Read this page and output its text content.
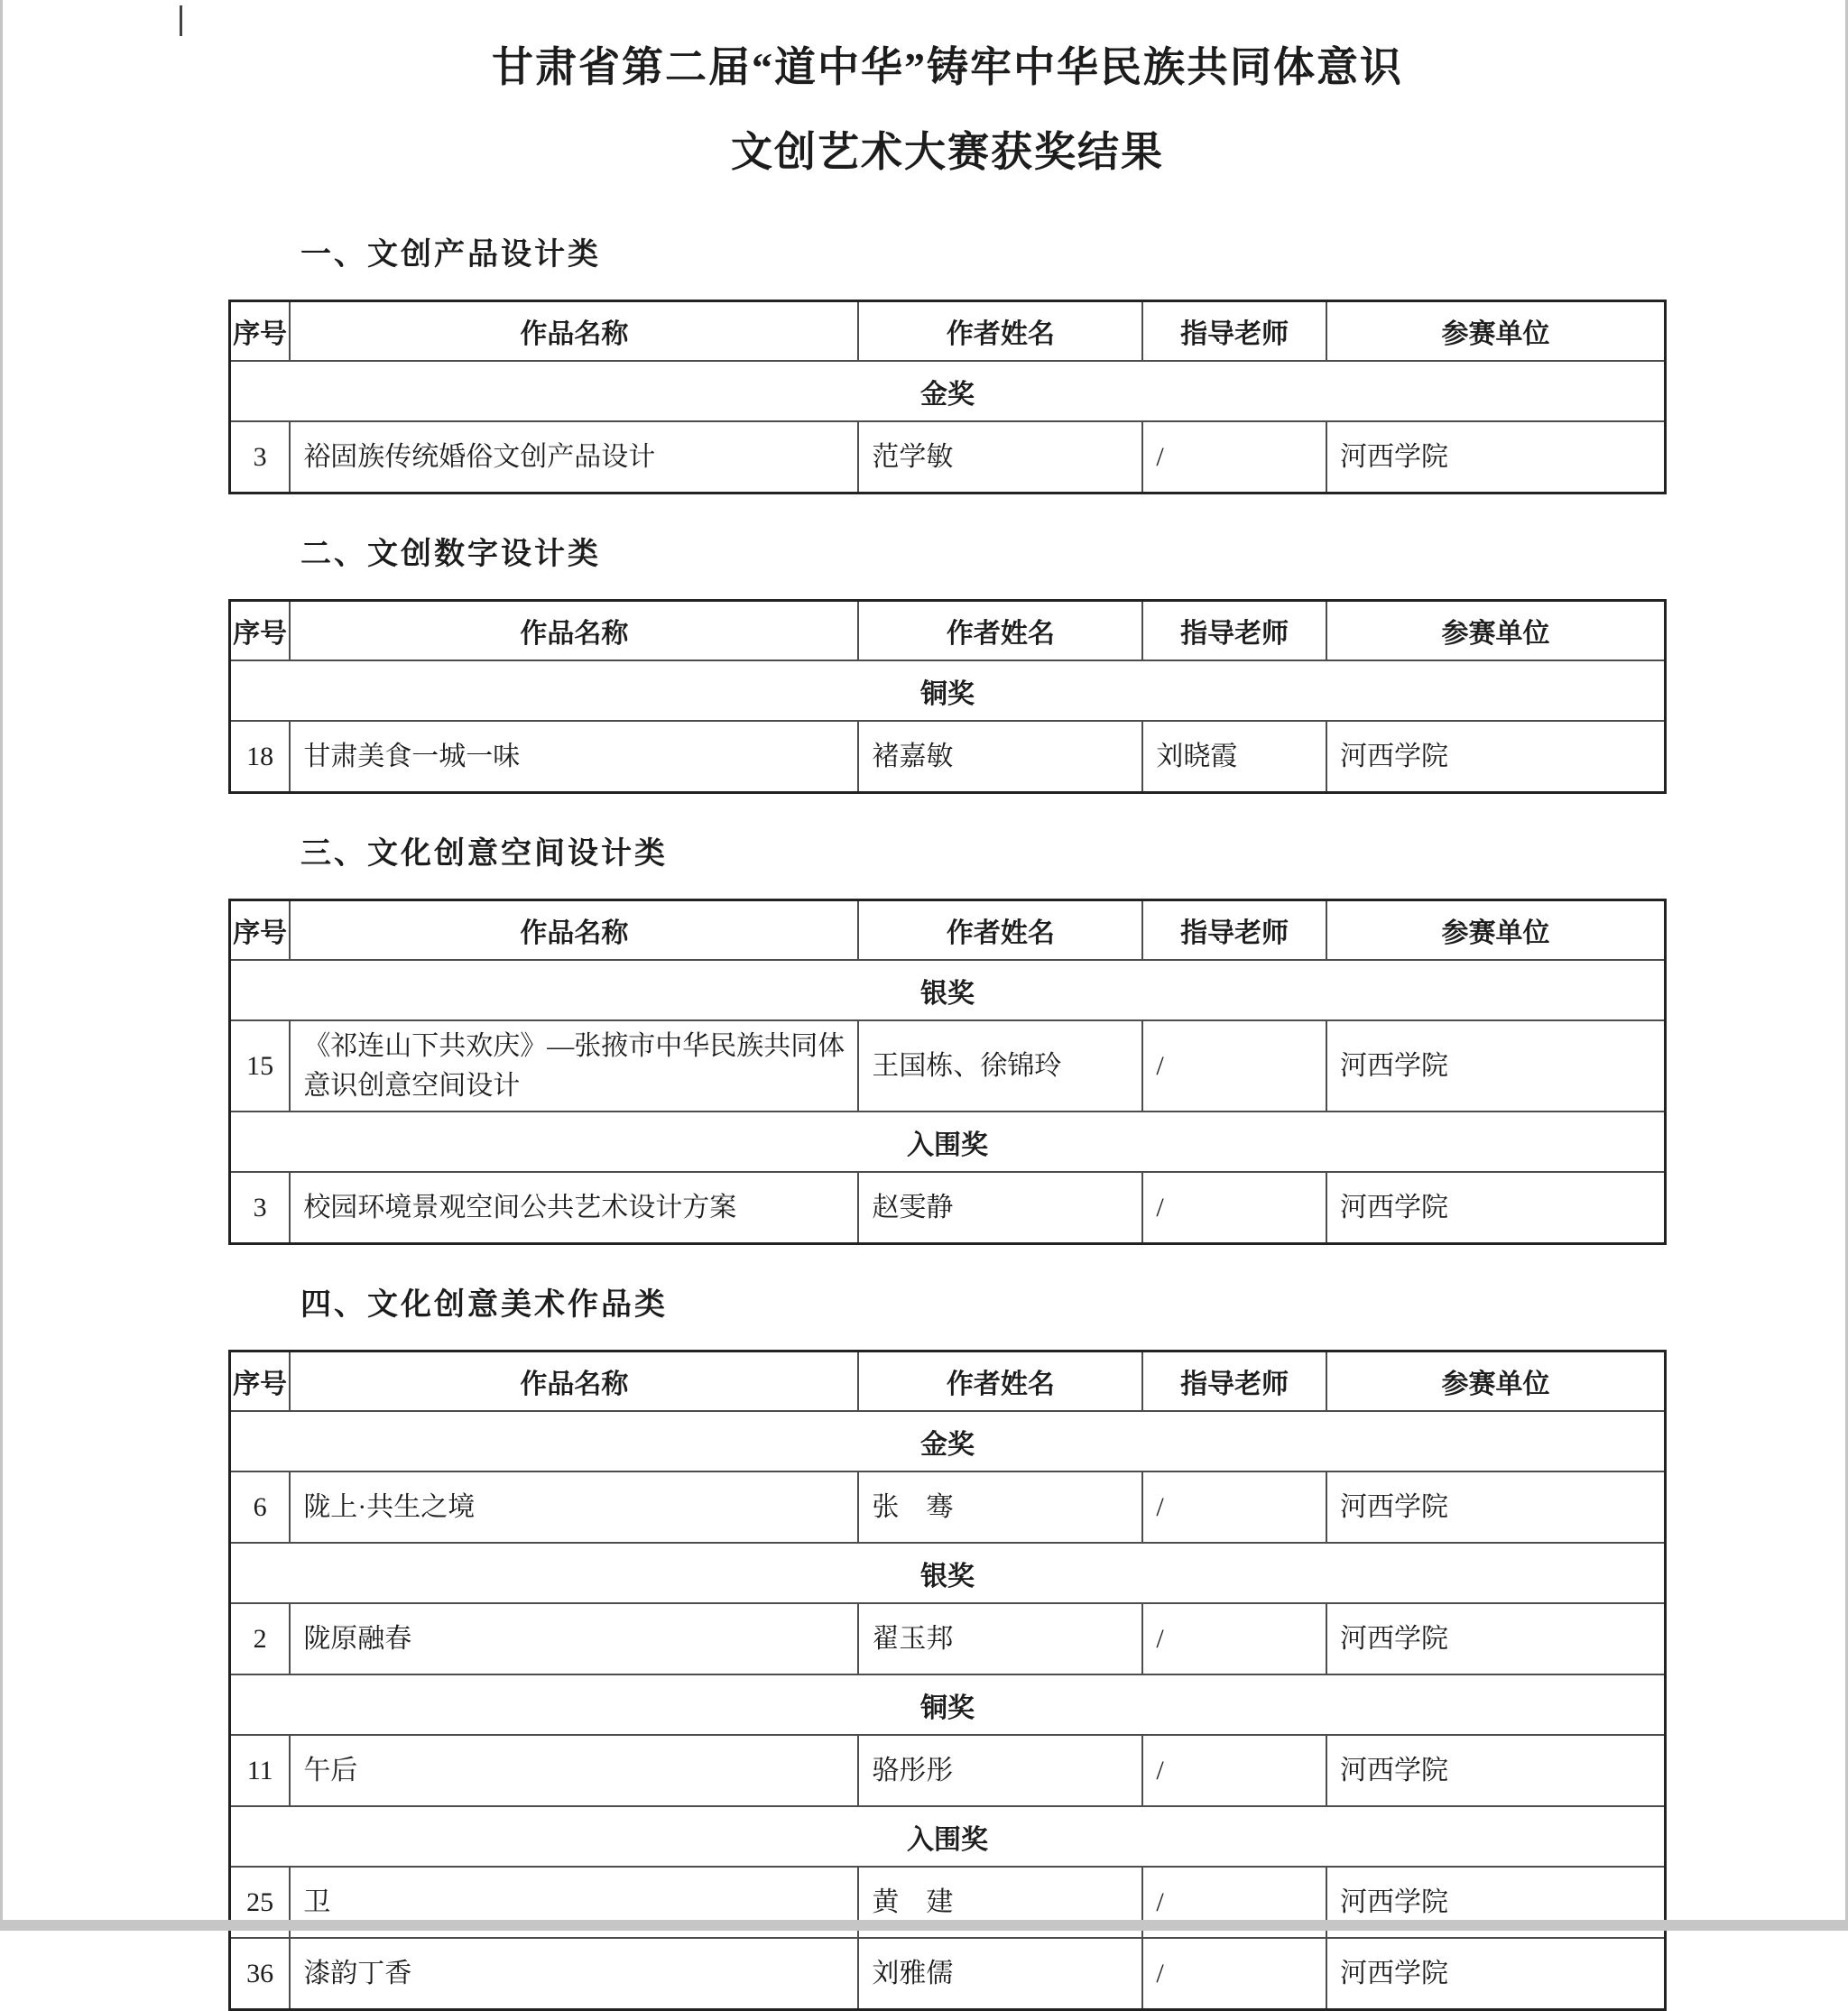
甘肃省第二届“道中华”铸牢中华民族共同体意识
文创艺术大赛获奖结果
一、文创产品设计类
序号	作品名称	作者姓名	指导老师	参赛单位
金奖				
3	裕固族传统婚俗文创产品设计	范学敏	/	河西学院
二、文创数字设计类
序号	作品名称	作者姓名	指导老师	参赛单位
铜奖				
18	甘肃美食一城一味	褚嘉敏	刘晓霞	河西学院
三、文化创意空间设计类
序号	作品名称	作者姓名	指导老师	参赛单位
银奖				
15	《祁连山下共欢庆》—张掖市中华民族共同体意识创意空间设计	王国栋、徐锦玲	/	河西学院
入围奖				
3	校园环境景观空间公共艺术设计方案	赵雯静	/	河西学院
四、文化创意美术作品类
序号	作品名称	作者姓名	指导老师	参赛单位
金奖				
6	陇上·共生之境	张　骞	/	河西学院
银奖				
2	陇原融春	翟玉邦	/	河西学院
铜奖				
11	午后	骆彤彤	/	河西学院
入围奖				
25	卫	黄　建	/	河西学院
36	漆韵丁香	刘雅儒	/	河西学院
